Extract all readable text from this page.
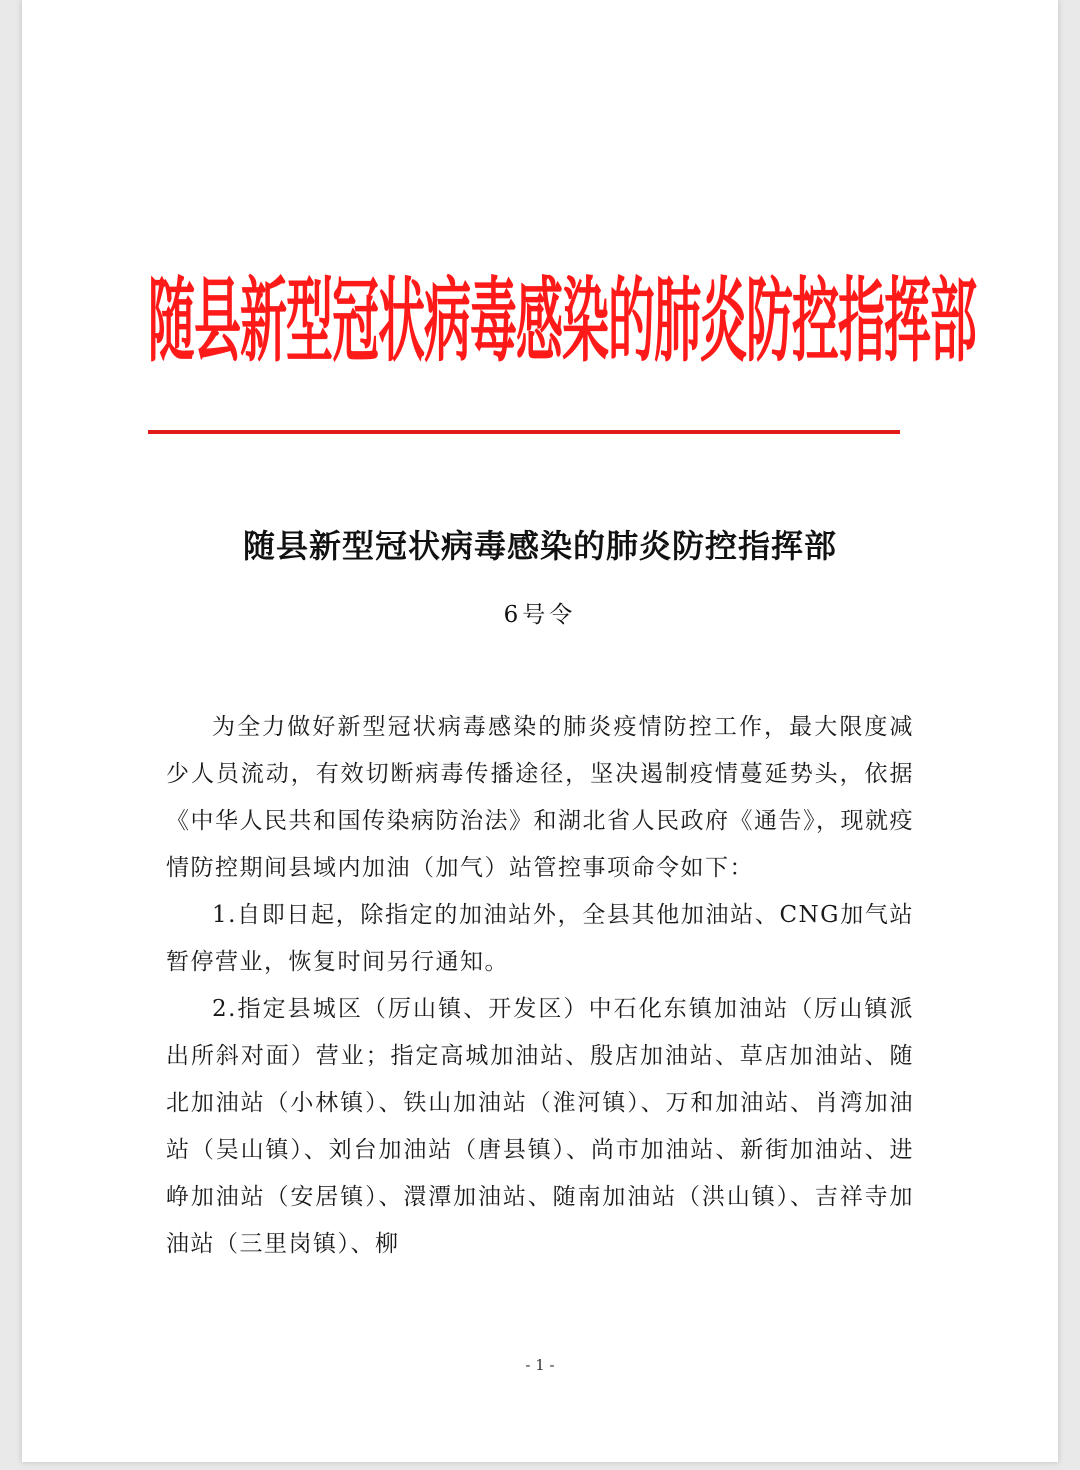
随县新型冠状病毒感染的肺炎防控指挥部
随县新型冠状病毒感染的肺炎防控指挥部

6号令

为全力做好新型冠状病毒感染的肺炎疫情防控工作，最大限度减少人员流动，有效切断病毒传播途径，坚决遏制疫情蔓延势头，依据《中华人民共和国传染病防治法》和湖北省人民政府《通告》，现就疫情防控期间县域内加油（加气）站管控事项命令如下：

1.自即日起，除指定的加油站外，全县其他加油站、CNG加气站暂停营业，恢复时间另行通知。

2.指定县城区（厉山镇、开发区）中石化东镇加油站（厉山镇派出所斜对面）营业；指定高城加油站、殷店加油站、草店加油站、随北加油站（小林镇）、铁山加油站（淮河镇）、万和加油站、肖湾加油站（吴山镇）、刘台加油站（唐县镇）、尚市加油站、新街加油站、进峥加油站（安居镇）、澴潭加油站、随南加油站（洪山镇）、吉祥寺加油站（三里岗镇）、柳

- 1 -
